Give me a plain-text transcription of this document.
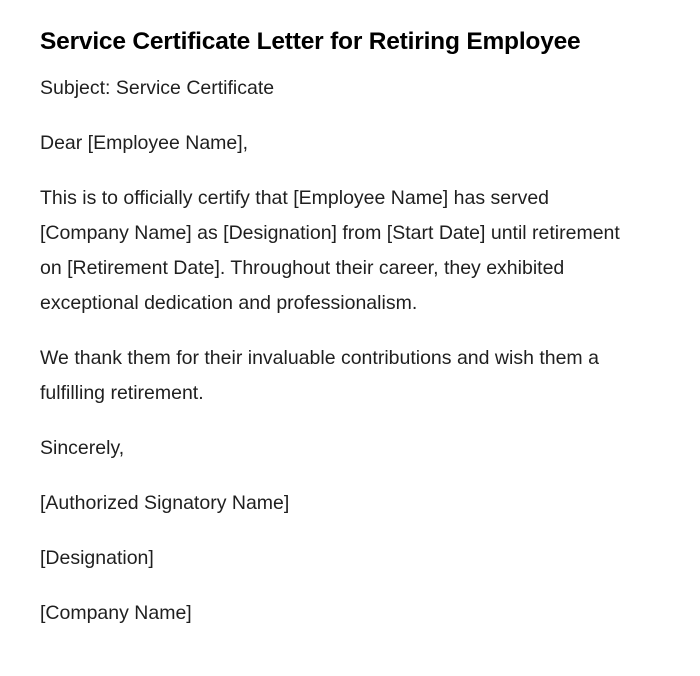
Service Certificate Letter for Retiring Employee

Subject: Service Certificate

Dear [Employee Name],

This is to officially certify that [Employee Name] has served [Company Name] as [Designation] from [Start Date] until retirement on [Retirement Date]. Throughout their career, they exhibited exceptional dedication and professionalism.

We thank them for their invaluable contributions and wish them a fulfilling retirement.

Sincerely,

[Authorized Signatory Name]

[Designation]

[Company Name]
